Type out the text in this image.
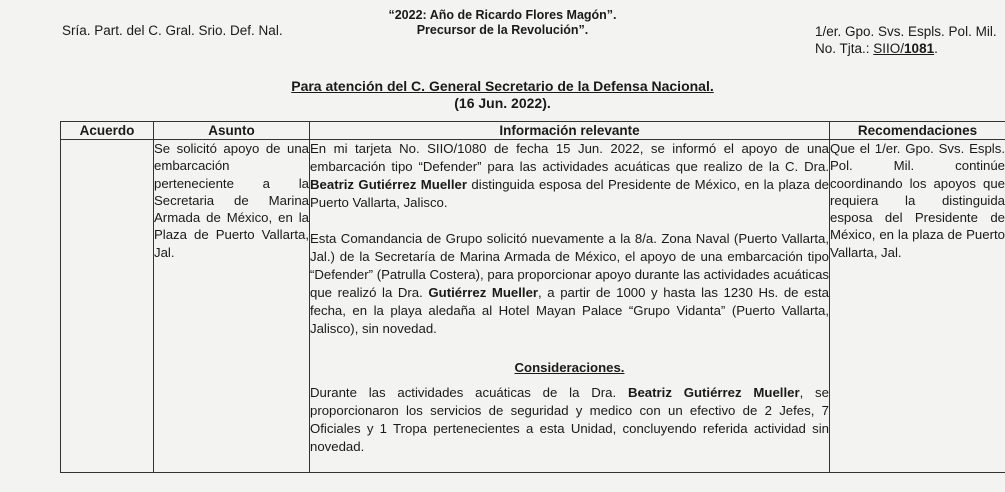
“2022: Año de Ricardo Flores Magón”.
Precursor de la Revolución”.
Sría. Part. del C. Gral. Srio. Def. Nal.	1/er. Gpo. Svs. Espls. Pol. Mil.
No. Tjta.: SIIO/1081.
Para atención del C. General Secretario de la Defensa Nacional.
(16 Jun. 2022).
Acuerdo	Asunto	Información relevante	Recomendaciones
	Se solicitó apoyo de una embarcación perteneciente a la Secretaria de Marina Armada de México, en la Plaza de Puerto Vallarta, Jal.	En mi tarjeta No. SIIO/1080 de fecha 15 Jun. 2022, se informó el apoyo de una embarcación tipo “Defender” para las actividades acuáticas que realizo de la C. Dra. Beatriz Gutiérrez Mueller distinguida esposa del Presidente de México, en la plaza de Puerto Vallarta, Jalisco.

Esta Comandancia de Grupo solicitó nuevamente a la 8/a. Zona Naval (Puerto Vallarta, Jal.) de la Secretaría de Marina Armada de México, el apoyo de una embarcación tipo “Defender” (Patrulla Costera), para proporcionar apoyo durante las actividades acuáticas que realizó la Dra. Gutiérrez Mueller, a partir de 1000 y hasta las 1230 Hs. de esta fecha, en la playa aledaña al Hotel Mayan Palace “Grupo Vidanta” (Puerto Vallarta, Jalisco), sin novedad.

Consideraciones.

Durante las actividades acuáticas de la Dra. Beatriz Gutiérrez Mueller, se proporcionaron los servicios de seguridad y medico con un efectivo de 2 Jefes, 7 Oficiales y 1 Tropa pertenecientes a esta Unidad, concluyendo referida actividad sin novedad.	Que el 1/er. Gpo. Svs. Espls. Pol. Mil. continúe coordinando los apoyos que requiera la distinguida esposa del Presidente de México, en la plaza de Puerto Vallarta, Jal.
